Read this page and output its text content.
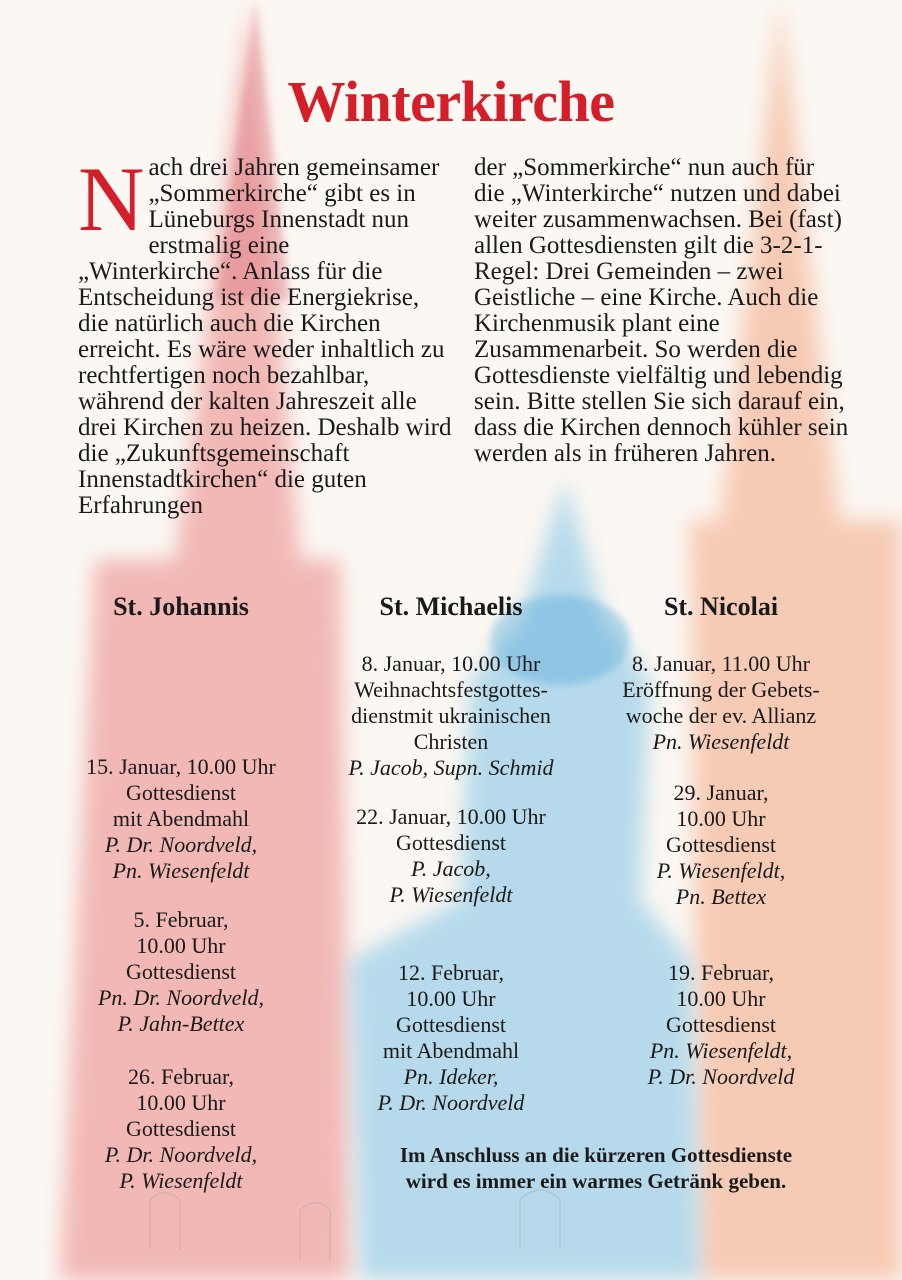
Winterkirche
N ach drei Jahren gemeinsamer „Sommerkirche“ gibt es in Lüneburgs Innenstadt nun erstmalig eine „Winterkirche“. Anlass für die Entscheidung ist die Energiekrise, die natürlich auch die Kirchen erreicht. Es wäre weder inhaltlich zu rechtfertigen noch bezahlbar, während der kalten Jahreszeit alle drei Kirchen zu heizen. Deshalb wird die „Zukunftsgemeinschaft Innenstadtkirchen“ die guten Erfahrungen

der „Sommerkirche“ nun auch für die „Winterkirche“ nutzen und dabei weiter zusammenwachsen. Bei (fast) allen Gottesdiensten gilt die 3-2-1-Regel: Drei Gemeinden – zwei Geistliche – eine Kirche. Auch die Kirchenmusik plant eine Zusammenarbeit. So werden die Gottesdienste vielfältig und lebendig sein. Bitte stellen Sie sich darauf ein, dass die Kirchen dennoch kühler sein werden als in früheren Jahren.

St. Johannis	St. Michaelis	St. Nicolai

15. Januar, 10.00 Uhr

Gottesdienst

mit Abendmahl

P. Dr. Noordveld,

Pn. Wiesenfeldt

5. Februar,

10.00 Uhr

Gottesdienst

Pn. Dr. Noordveld,

P. Jahn-Bettex

26. Februar,

10.00 Uhr

Gottesdienst

P. Dr. Noordveld,

P. Wiesenfeldt

8. Januar, 10.00 Uhr

Weihnachtsfestgottes-

dienstmit ukrainischen

Christen

P. Jacob, Supn. Schmid

22. Januar, 10.00 Uhr

Gottesdienst

P. Jacob,

P. Wiesenfeldt

12. Februar,

10.00 Uhr

Gottesdienst

mit Abendmahl

Pn. Ideker,

P. Dr. Noordveld

8. Januar, 11.00 Uhr

Eröffnung der Gebets-

woche der ev. Allianz

Pn. Wiesenfeldt

29. Januar,

10.00 Uhr

Gottesdienst

P. Wiesenfeldt,

Pn. Bettex

19. Februar,

10.00 Uhr

Gottesdienst

Pn. Wiesenfeldt,

P. Dr. Noordveld

Im Anschluss an die kürzeren Gottesdienste
wird es immer ein warmes Getränk geben.
